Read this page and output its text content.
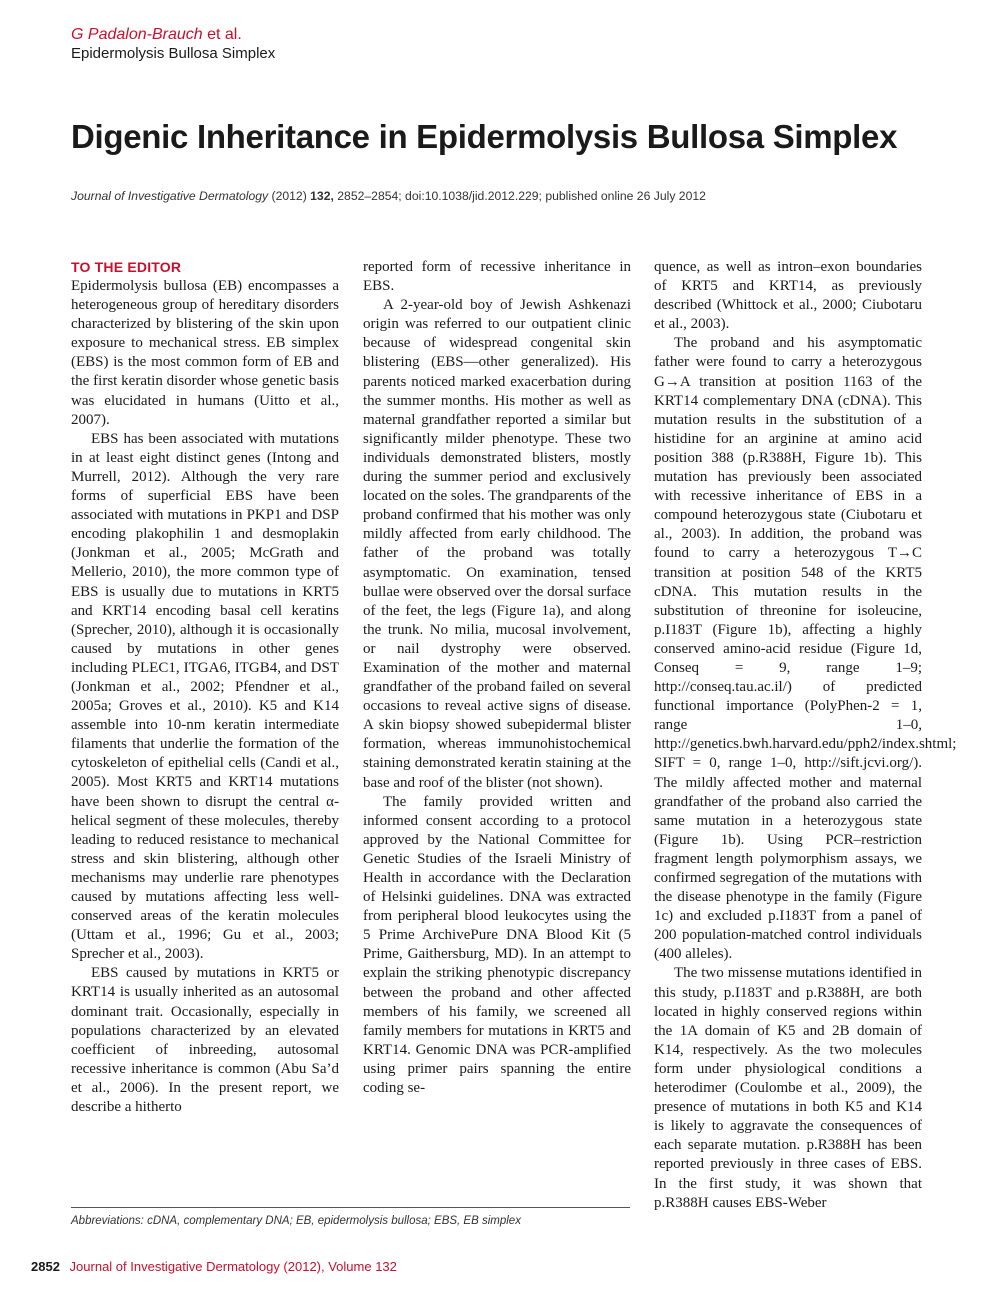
G Padalon-Brauch et al.
Epidermolysis Bullosa Simplex
Digenic Inheritance in Epidermolysis Bullosa Simplex
Journal of Investigative Dermatology (2012) 132, 2852–2854; doi:10.1038/jid.2012.229; published online 26 July 2012
TO THE EDITOR

Epidermolysis bullosa (EB) encompasses a heterogeneous group of hereditary disorders characterized by blistering of the skin upon exposure to mechanical stress. EB simplex (EBS) is the most common form of EB and the first keratin disorder whose genetic basis was elucidated in humans (Uitto et al., 2007).

EBS has been associated with mutations in at least eight distinct genes (Intong and Murrell, 2012). Although the very rare forms of superficial EBS have been associated with mutations in PKP1 and DSP encoding plakophilin 1 and desmoplakin (Jonkman et al., 2005; McGrath and Mellerio, 2010), the more common type of EBS is usually due to mutations in KRT5 and KRT14 encoding basal cell keratins (Sprecher, 2010), although it is occasionally caused by mutations in other genes including PLEC1, ITGA6, ITGB4, and DST (Jonkman et al., 2002; Pfendner et al., 2005a; Groves et al., 2010). K5 and K14 assemble into 10-nm keratin intermediate filaments that underlie the formation of the cytoskeleton of epithelial cells (Candi et al., 2005). Most KRT5 and KRT14 mutations have been shown to disrupt the central α-helical segment of these molecules, thereby leading to reduced resistance to mechanical stress and skin blistering, although other mechanisms may underlie rare phenotypes caused by mutations affecting less well-conserved areas of the keratin molecules (Uttam et al., 1996; Gu et al., 2003; Sprecher et al., 2003).

EBS caused by mutations in KRT5 or KRT14 is usually inherited as an autosomal dominant trait. Occasionally, especially in populations characterized by an elevated coefficient of inbreeding, autosomal recessive inheritance is common (Abu Sa’d et al., 2006). In the present report, we describe a hitherto

reported form of recessive inheritance in EBS.

A 2-year-old boy of Jewish Ashkenazi origin was referred to our outpatient clinic because of widespread congenital skin blistering (EBS—other generalized). His parents noticed marked exacerbation during the summer months. His mother as well as maternal grandfather reported a similar but significantly milder phenotype. These two individuals demonstrated blisters, mostly during the summer period and exclusively located on the soles. The grandparents of the proband confirmed that his mother was only mildly affected from early childhood. The father of the proband was totally asymptomatic. On examination, tensed bullae were observed over the dorsal surface of the feet, the legs (Figure 1a), and along the trunk. No milia, mucosal involvement, or nail dystrophy were observed. Examination of the mother and maternal grandfather of the proband failed on several occasions to reveal active signs of disease. A skin biopsy showed subepidermal blister formation, whereas immunohistochemical staining demonstrated keratin staining at the base and roof of the blister (not shown).

The family provided written and informed consent according to a protocol approved by the National Committee for Genetic Studies of the Israeli Ministry of Health in accordance with the Declaration of Helsinki guidelines. DNA was extracted from peripheral blood leukocytes using the 5 Prime ArchivePure DNA Blood Kit (5 Prime, Gaithersburg, MD). In an attempt to explain the striking phenotypic discrepancy between the proband and other affected members of his family, we screened all family members for mutations in KRT5 and KRT14. Genomic DNA was PCR-amplified using primer pairs spanning the entire coding se-

quence, as well as intron–exon boundaries of KRT5 and KRT14, as previously described (Whittock et al., 2000; Ciubotaru et al., 2003).

The proband and his asymptomatic father were found to carry a heterozygous G→A transition at position 1163 of the KRT14 complementary DNA (cDNA). This mutation results in the substitution of a histidine for an arginine at amino acid position 388 (p.R388H, Figure 1b). This mutation has previously been associated with recessive inheritance of EBS in a compound heterozygous state (Ciubotaru et al., 2003). In addition, the proband was found to carry a heterozygous T→C transition at position 548 of the KRT5 cDNA. This mutation results in the substitution of threonine for isoleucine, p.I183T (Figure 1b), affecting a highly conserved amino-acid residue (Figure 1d, Conseq = 9, range 1–9; http://conseq.tau.ac.il/) of predicted functional importance (PolyPhen-2 = 1, range 1–0, http://genetics.bwh.harvard.edu/pph2/index.shtml; SIFT = 0, range 1–0, http://sift.jcvi.org/). The mildly affected mother and maternal grandfather of the proband also carried the same mutation in a heterozygous state (Figure 1b). Using PCR–restriction fragment length polymorphism assays, we confirmed segregation of the mutations with the disease phenotype in the family (Figure 1c) and excluded p.I183T from a panel of 200 population-matched control individuals (400 alleles).

The two missense mutations identified in this study, p.I183T and p.R388H, are both located in highly conserved regions within the 1A domain of K5 and 2B domain of K14, respectively. As the two molecules form under physiological conditions a heterodimer (Coulombe et al., 2009), the presence of mutations in both K5 and K14 is likely to aggravate the consequences of each separate mutation. p.R388H has been reported previously in three cases of EBS. In the first study, it was shown that p.R388H causes EBS-Weber

Abbreviations: cDNA, complementary DNA; EB, epidermolysis bullosa; EBS, EB simplex
2852 Journal of Investigative Dermatology (2012), Volume 132
